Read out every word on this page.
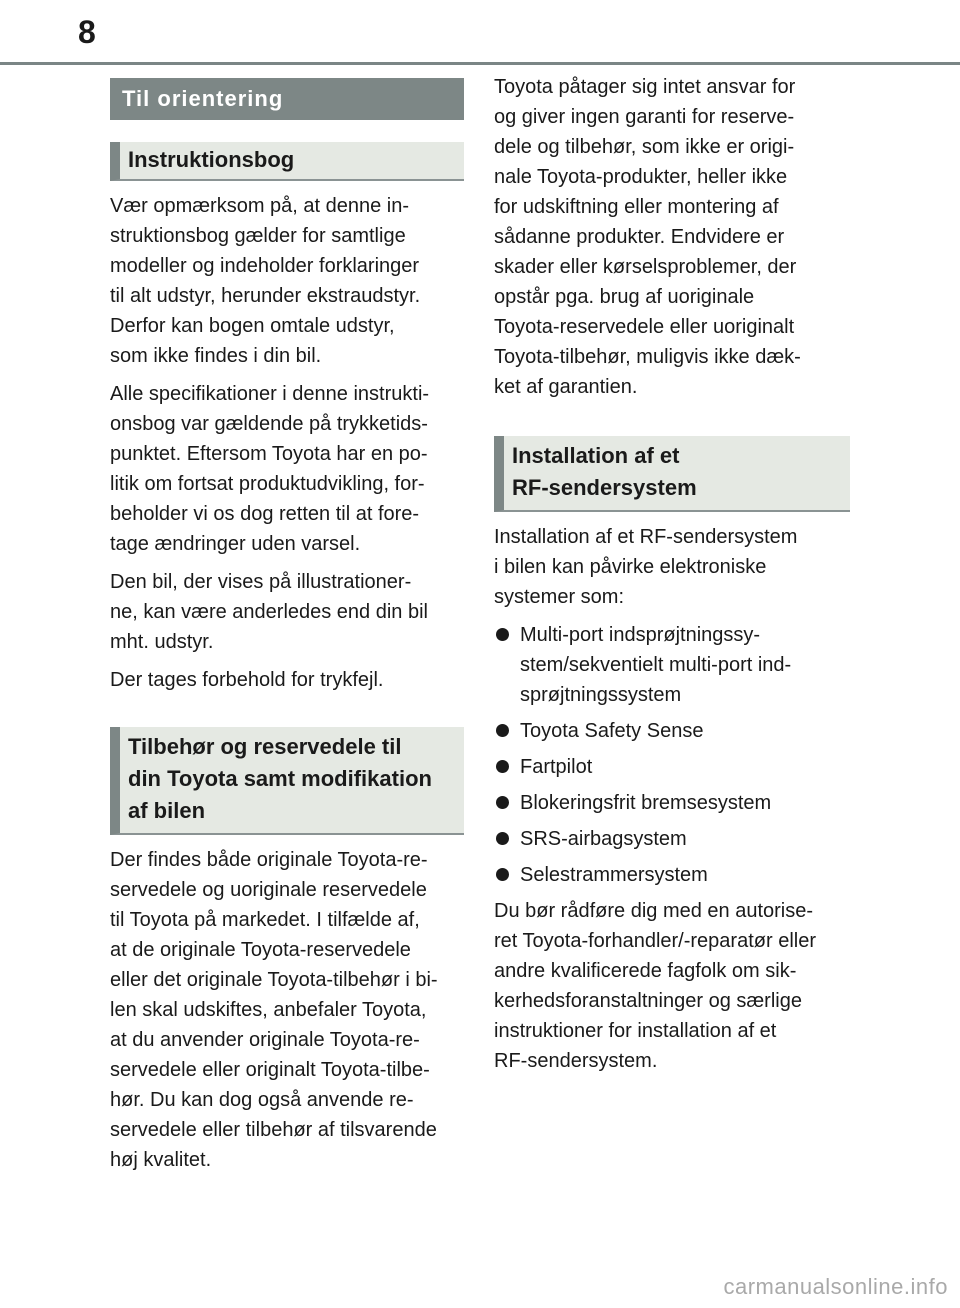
8
Til orientering
Instruktionsbog

Vær opmærksom på, at denne in-
struktionsbog gælder for samtlige
modeller og indeholder forklaringer
til alt udstyr, herunder ekstraudstyr.
Derfor kan bogen omtale udstyr,
som ikke findes i din bil.

Alle specifikationer i denne instrukti-
onsbog var gældende på trykketids-
punktet. Eftersom Toyota har en po-
litik om fortsat produktudvikling, for-
beholder vi os dog retten til at fore-
tage ændringer uden varsel.

Den bil, der vises på illustrationer-
ne, kan være anderledes end din bil
mht. udstyr.

Der tages forbehold for trykfejl.

Tilbehør og reservedele til
din Toyota samt modifikation
af bilen

Der findes både originale Toyota-re-
servedele og uoriginale reservedele
til Toyota på markedet. I tilfælde af,
at de originale Toyota-reservedele
eller det originale Toyota-tilbehør i bi-
len skal udskiftes, anbefaler Toyota,
at du anvender originale Toyota-re-
servedele eller originalt Toyota-tilbe-
hør. Du kan dog også anvende re-
servedele eller tilbehør af tilsvarende
høj kvalitet.

Toyota påtager sig intet ansvar for
og giver ingen garanti for reserve-
dele og tilbehør, som ikke er origi-
nale Toyota-produkter, heller ikke
for udskiftning eller montering af
sådanne produkter. Endvidere er
skader eller kørselsproblemer, der
opstår pga. brug af uoriginale
Toyota-reservedele eller uoriginalt
Toyota-tilbehør, muligvis ikke dæk-
ket af garantien.

Installation af et
RF-sendersystem

Installation af et RF-sendersystem
i bilen kan påvirke elektroniske
systemer som:

Multi-port indsprøjtningssy-
stem/sekventielt multi-port ind-
sprøjtningssystem
Toyota Safety Sense
Fartpilot
Blokeringsfrit bremsesystem
SRS-airbagsystem
Selestrammersystem

Du bør rådføre dig med en autorise-
ret Toyota-forhandler/-reparatør eller
andre kvalificerede fagfolk om sik-
kerhedsforanstaltninger og særlige
instruktioner for installation af et
RF-sendersystem.

carmanualsonline.info
